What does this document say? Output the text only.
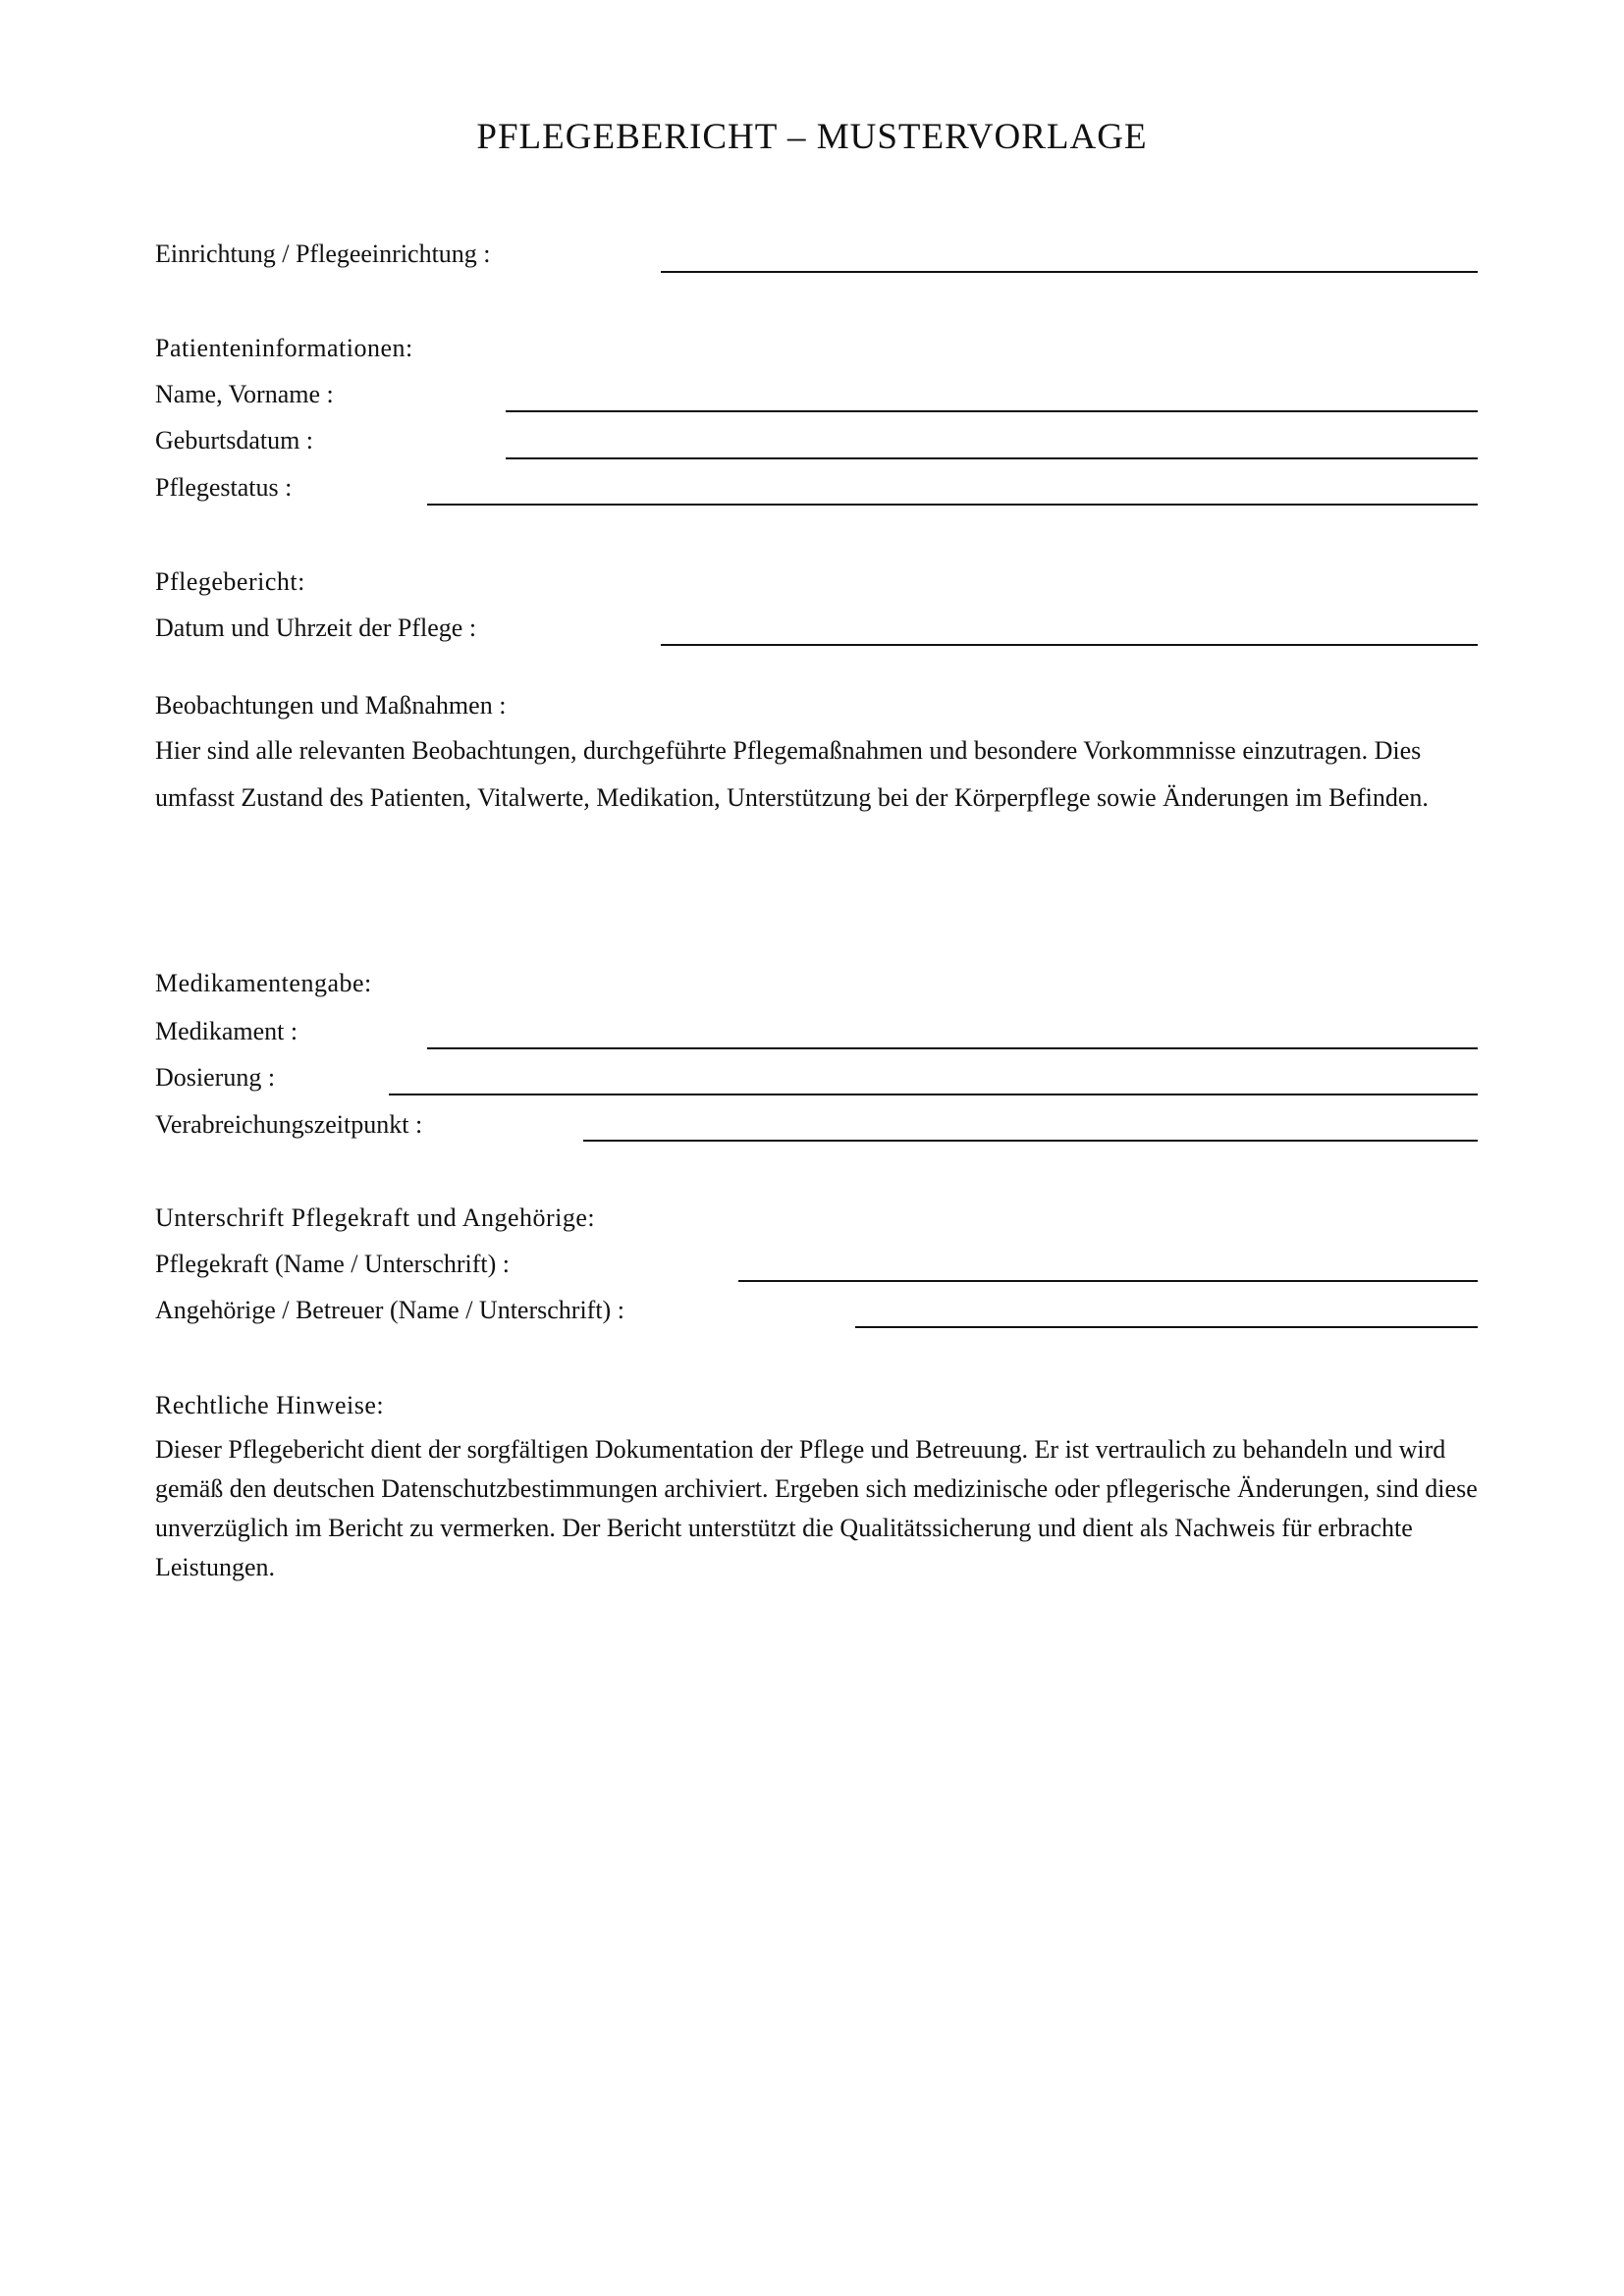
PFLEGEBERICHT – MUSTERVORLAGE
Einrichtung / Pflegeeinrichtung :
Patienteninformationen:
Name, Vorname :
Geburtsdatum :
Pflegestatus :
Pflegebericht:
Datum und Uhrzeit der Pflege :
Beobachtungen und Maßnahmen :

Hier sind alle relevanten Beobachtungen, durchgeführte Pflegemaßnahmen und besondere Vorkommnisse einzutragen. Dies umfasst Zustand des Patienten, Vitalwerte, Medikation, Unterstützung bei der Körperpflege sowie Änderungen im Befinden.

Medikamentengabe:
Medikament :
Dosierung :
Verabreichungszeitpunkt :
Unterschrift Pflegekraft und Angehörige:
Pflegekraft (Name / Unterschrift) :
Angehörige / Betreuer (Name / Unterschrift) :
Rechtliche Hinweise:

Dieser Pflegebericht dient der sorgfältigen Dokumentation der Pflege und Betreuung. Er ist vertraulich zu behandeln und wird gemäß den deutschen Datenschutzbestimmungen archiviert. Ergeben sich medizinische oder pflegerische Änderungen, sind diese unverzüglich im Bericht zu vermerken. Der Bericht unterstützt die Qualitätssicherung und dient als Nachweis für erbrachte Leistungen.
